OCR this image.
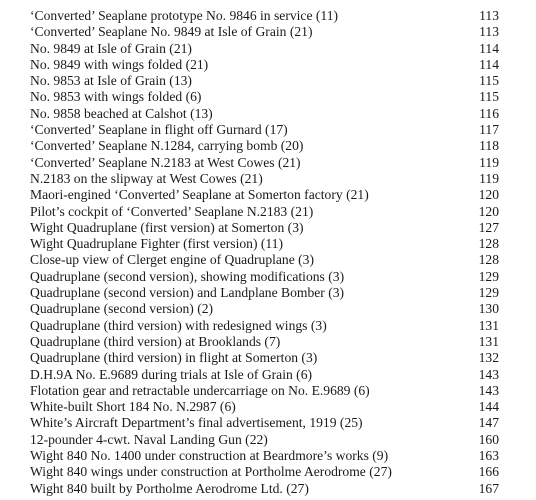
‘Converted’ Seaplane prototype No. 9846 in service (11)	113
‘Converted’ Seaplane No. 9849 at Isle of Grain (21)	113
No. 9849 at Isle of Grain (21)	114
No. 9849 with wings folded (21)	114
No. 9853 at Isle of Grain (13)	115
No. 9853 with wings folded (6)	115
No. 9858 beached at Calshot (13)	116
‘Converted’ Seaplane in flight off Gurnard (17)	117
‘Converted’ Seaplane N.1284, carrying bomb (20)	118
‘Converted’ Seaplane N.2183 at West Cowes (21)	119
N.2183 on the slipway at West Cowes (21)	119
Maori-engined ‘Converted’ Seaplane at Somerton factory (21)	120
Pilot’s cockpit of ‘Converted’ Seaplane N.2183 (21)	120
Wight Quadruplane (first version) at Somerton (3)	127
Wight Quadruplane Fighter (first version) (11)	128
Close-up view of Clerget engine of Quadruplane (3)	128
Quadruplane (second version), showing modifications (3)	129
Quadruplane (second version) and Landplane Bomber (3)	129
Quadruplane (second version) (2)	130
Quadruplane (third version) with redesigned wings (3)	131
Quadruplane (third version) at Brooklands (7)	131
Quadruplane (third version) in flight at Somerton (3)	132
D.H.9A No. E.9689 during trials at Isle of Grain (6)	143
Flotation gear and retractable undercarriage on No. E.9689 (6)	143
White-built Short 184 No. N.2987 (6)	144
White’s Aircraft Department’s final advertisement, 1919 (25)	147
12-pounder 4-cwt. Naval Landing Gun (22)	160
Wight 840 No. 1400 under construction at Beardmore’s works (9)	163
Wight 840 wings under construction at Portholme Aerodrome (27)	166
Wight 840 built by Portholme Aerodrome Ltd. (27)	167
